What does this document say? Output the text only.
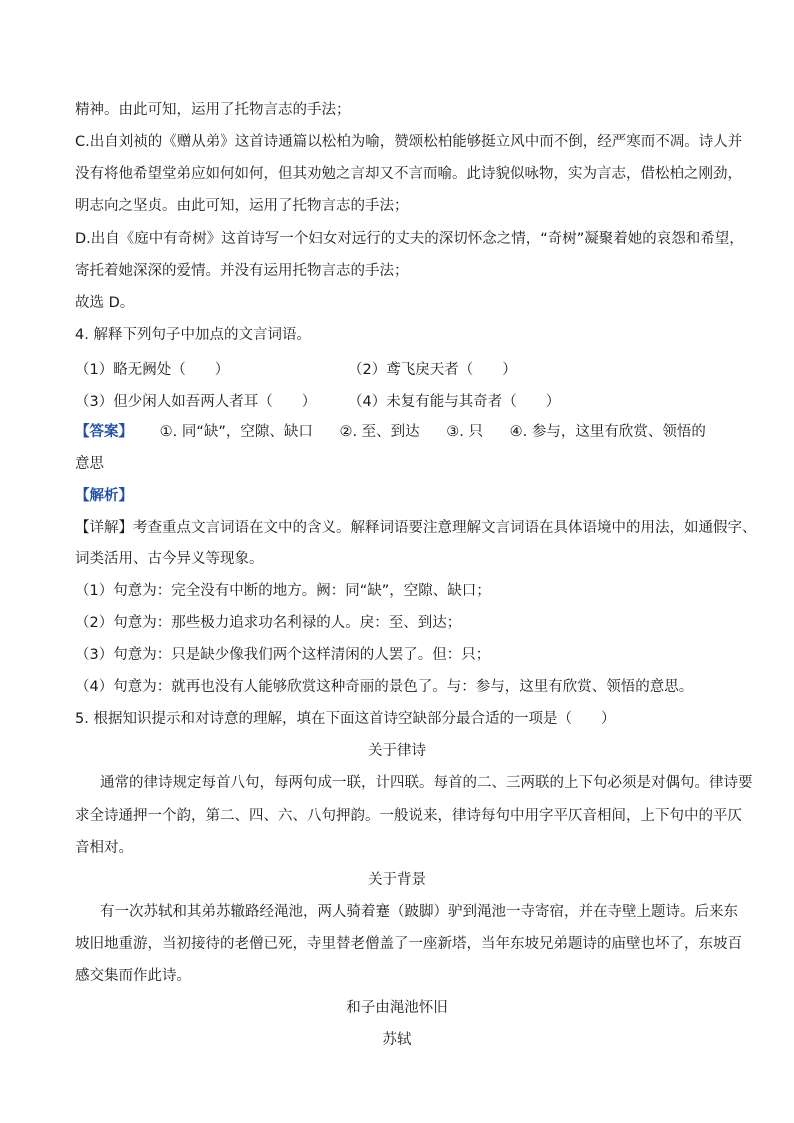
精神。由此可知，运用了托物言志的手法；
C.出自刘祯的《赠从弟》这首诗通篇以松柏为喻，赞颂松柏能够挺立风中而不倒，经严寒而不凋。诗人并
没有将他希望堂弟应如何如何，但其劝勉之言却又不言而喻。此诗貌似咏物，实为言志，借松柏之刚劲，
明志向之坚贞。由此可知，运用了托物言志的手法；
D.出自《庭中有奇树》这首诗写一个妇女对远行的丈夫的深切怀念之情，“奇树”凝聚着她的哀怨和希望，
寄托着她深深的爱情。并没有运用托物言志的手法；
故选 D。
4. 解释下列句子中加点的文言词语。
（1）略无阙处（　　）	（2）鸢飞戾天者（　　）
（3）但少闲人如吾两人者耳（　　） （4）未复有能与其奇者（　　）
【答案】 ①. 同“缺”，空隙、缺口 ②. 至、到达 ③. 只 ④. 参与，这里有欣赏、领悟的
意思
【解析】
【详解】考查重点文言词语在文中的含义。解释词语要注意理解文言词语在具体语境中的用法，如通假字、
词类活用、古今异义等现象。
（1）句意为：完全没有中断的地方。阙：同“缺”，空隙、缺口；
（2）句意为：那些极力追求功名利禄的人。戾：至、到达；
（3）句意为：只是缺少像我们两个这样清闲的人罢了。但：只；
（4）句意为：就再也没有人能够欣赏这种奇丽的景色了。与：参与，这里有欣赏、领悟的意思。
5. 根据知识提示和对诗意的理解，填在下面这首诗空缺部分最合适的一项是（　　）
关于律诗
通常的律诗规定每首八句，每两句成一联，计四联。每首的二、三两联的上下句必须是对偶句。律诗要
求全诗通押一个韵，第二、四、六、八句押韵。一般说来，律诗每句中用字平仄音相间，上下句中的平仄
音相对。
关于背景
有一次苏轼和其弟苏辙路经渑池，两人骑着蹇（跛脚）驴到渑池一寺寄宿，并在寺壁上题诗。后来东
坡旧地重游，当初接待的老僧已死，寺里替老僧盖了一座新塔，当年东坡兄弟题诗的庙壁也坏了，东坡百
感交集而作此诗。
和子由渑池怀旧
苏轼
